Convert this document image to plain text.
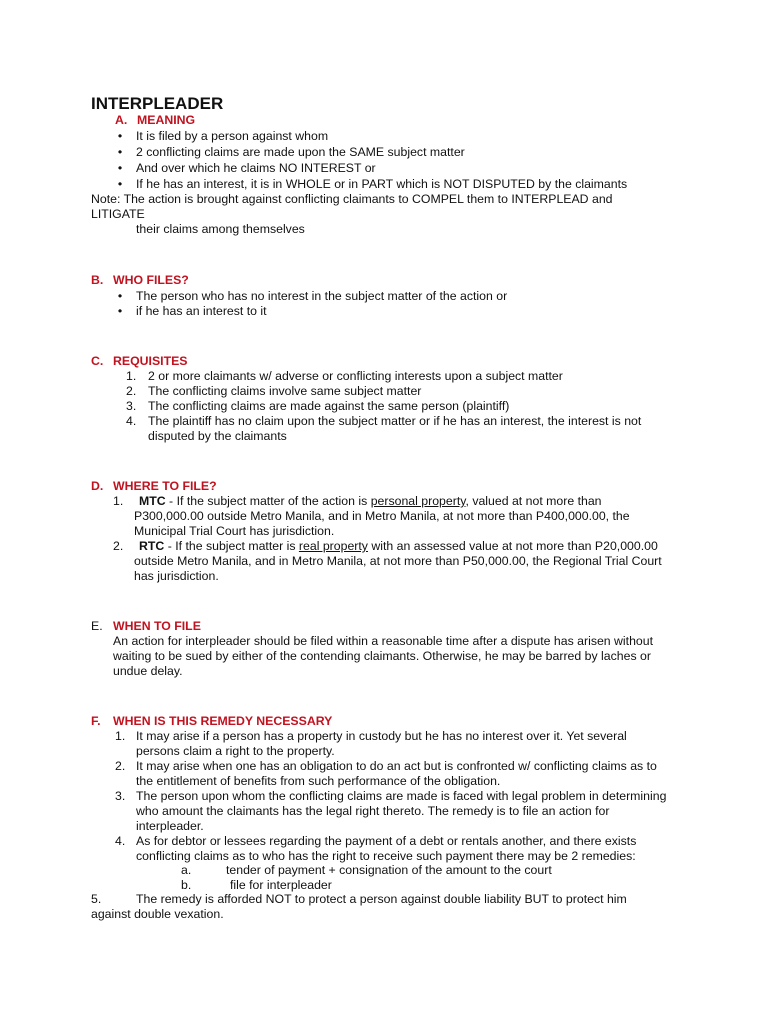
INTERPLEADER
A. MEANING
• It is filed by a person against whom
• 2 conflicting claims are made upon the SAME subject matter
• And over which he claims NO INTEREST or
• If he has an interest, it is in WHOLE or in PART which is NOT DISPUTED by the claimants
Note: The action is brought against conflicting claimants to COMPEL them to INTERPLEAD and
LITIGATE
their claims among themselves
B. WHO FILES?
• The person who has no interest in the subject matter of the action or
• if he has an interest to it
C. REQUISITES
1. 2 or more claimants w/ adverse or conflicting interests upon a subject matter
2. The conflicting claims involve same subject matter
3. The conflicting claims are made against the same person (plaintiff)
4. The plaintiff has no claim upon the subject matter or if he has an interest, the interest is not
disputed by the claimants
D. WHERE TO FILE?
1. MTC - If the subject matter of the action is personal property, valued at not more than
P300,000.00 outside Metro Manila, and in Metro Manila, at not more than P400,000.00, the
Municipal Trial Court has jurisdiction.
2. RTC - If the subject matter is real property with an assessed value at not more than P20,000.00
outside Metro Manila, and in Metro Manila, at not more than P50,000.00, the Regional Trial Court
has jurisdiction.
E. WHEN TO FILE
An action for interpleader should be filed within a reasonable time after a dispute has arisen without
waiting to be sued by either of the contending claimants. Otherwise, he may be barred by laches or
undue delay.
F. WHEN IS THIS REMEDY NECESSARY
1. It may arise if a person has a property in custody but he has no interest over it. Yet several
persons claim a right to the property.
2. It may arise when one has an obligation to do an act but is confronted w/ conflicting claims as to
the entitlement of benefits from such performance of the obligation.
3. The person upon whom the conflicting claims are made is faced with legal problem in determining
who amount the claimants has the legal right thereto. The remedy is to file an action for
interpleader.
4. As for debtor or lessees regarding the payment of a debt or rentals another, and there exists
conflicting claims as to who has the right to receive such payment there may be 2 remedies:
a.	tender of payment + consignation of the amount to the court
b.	file for interpleader
5.	The remedy is afforded NOT to protect a person against double liability BUT to protect him
against double vexation.
